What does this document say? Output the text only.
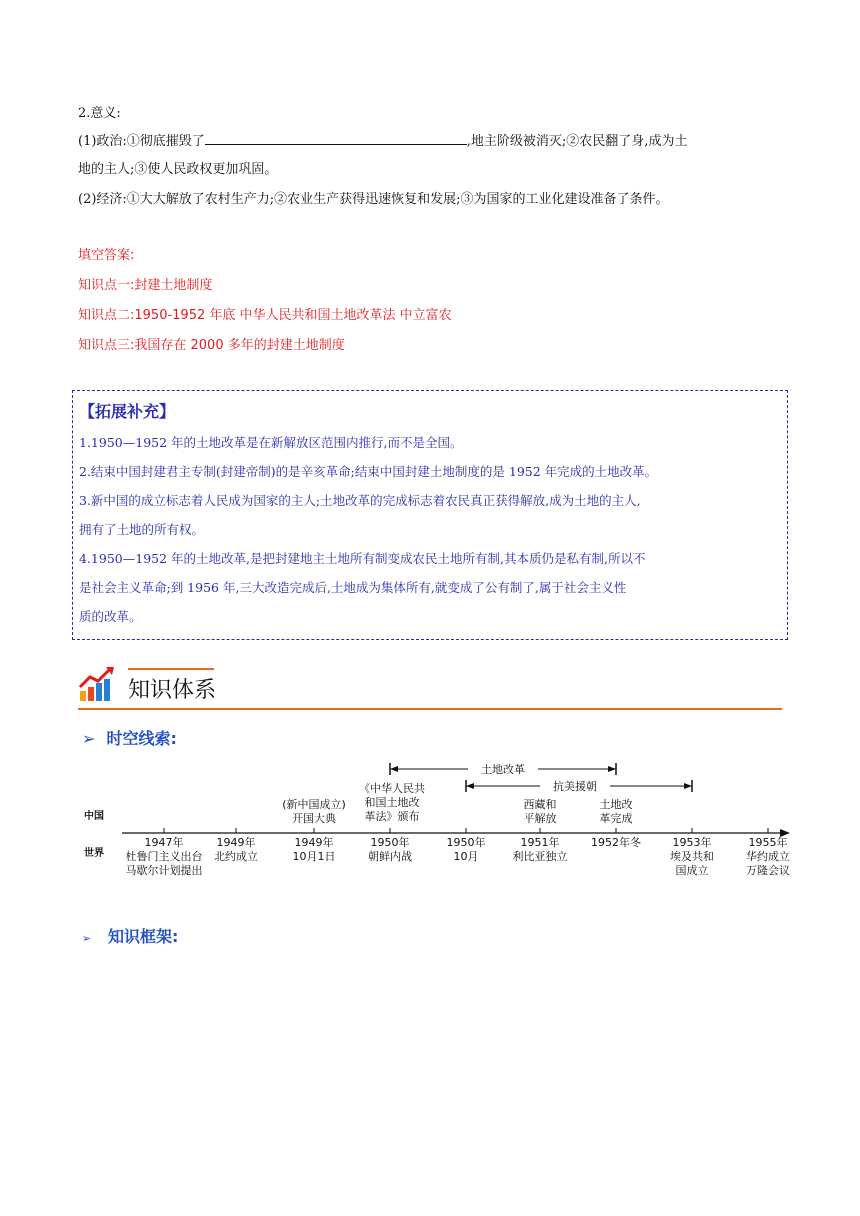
2.意义:
(1)政治:①彻底摧毁了	,地主阶级被消灭;②农民翻了身,成为土
地的主人;③使人民政权更加巩固。
(2)经济:①大大解放了农村生产力;②农业生产获得迅速恢复和发展;③为国家的工业化建设准备了条件。
填空答案:
知识点一:封建土地制度
知识点二:1950-1952 年底 中华人民共和国土地改革法 中立富农
知识点三:我国存在 2000 多年的封建土地制度
【拓展补充】
1.1950—1952 年的土地改革是在新解放区范围内推行,而不是全国。
2.结束中国封建君主专制(封建帝制)的是辛亥革命;结束中国封建土地制度的是 1952 年完成的土地改革。
3.新中国的成立标志着人民成为国家的主人;土地改革的完成标志着农民真正获得解放,成为土地的主人,
拥有了土地的所有权。
4.1950—1952 年的土地改革,是把封建地主土地所有制变成农民土地所有制,其本质仍是私有制,所以不
是社会主义革命;到 1956 年,三大改造完成后,土地成为集体所有,就变成了公有制了,属于社会主义性
质的改革。
知识体系
➢ 时空线索:
中国
世界
土地改革
抗美援朝
(新中国成立)
开国大典
《中华人民共
和国土地改
革法》颁布
西藏和
平解放
土地改
革完成
1947年
杜鲁门主义出台
马歇尔计划提出
1949年
北约成立
1949年
10月1日
1950年
朝鲜内战
1950年
10月
1951年
利比亚独立
1952年冬	1953年
埃及共和
国成立
1955年
华约成立
万隆会议
➢ 知识框架:
